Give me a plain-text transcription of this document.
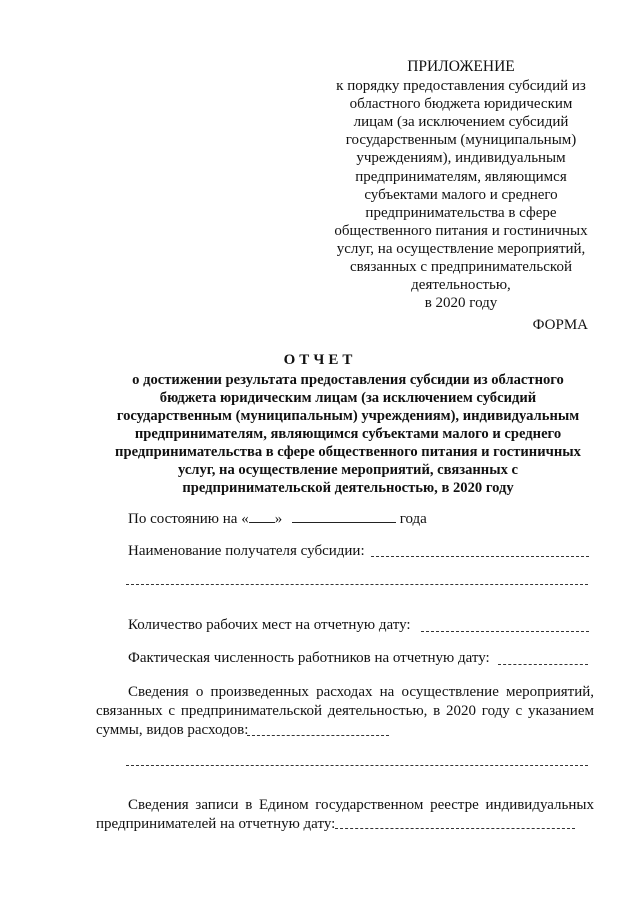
ПРИЛОЖЕНИЕ
к порядку предоставления субсидий из
областного бюджета юридическим
лицам (за исключением субсидий
государственным (муниципальным)
учреждениям), индивидуальным
предпринимателям, являющимся
субъектами малого и среднего
предпринимательства в сфере
общественного питания и гостиничных
услуг, на осуществление мероприятий,
связанных с предпринимательской
деятельностью,
в 2020 году
ФОРМА
ОТЧЕТ
о достижении результата предоставления субсидии из областного
бюджета юридическим лицам (за исключением субсидий
государственным (муниципальным) учреждениям), индивидуальным
предпринимателям, являющимся субъектами малого и среднего
предпринимательства в сфере общественного питания и гостиничных
услуг, на осуществление мероприятий, связанных с
предпринимательской деятельностью, в 2020 году
По состоянию на « »	года
Наименование получателя субсидии:
Количество рабочих мест на отчетную дату:
Фактическая численность работников на отчетную дату:
Сведения о произведенных расходах на осуществление мероприятий,
связанных с предпринимательской деятельностью, в 2020 году с указанием
суммы, видов расходов:
Сведения записи в Едином государственном реестре индивидуальных
предпринимателей на отчетную дату:
